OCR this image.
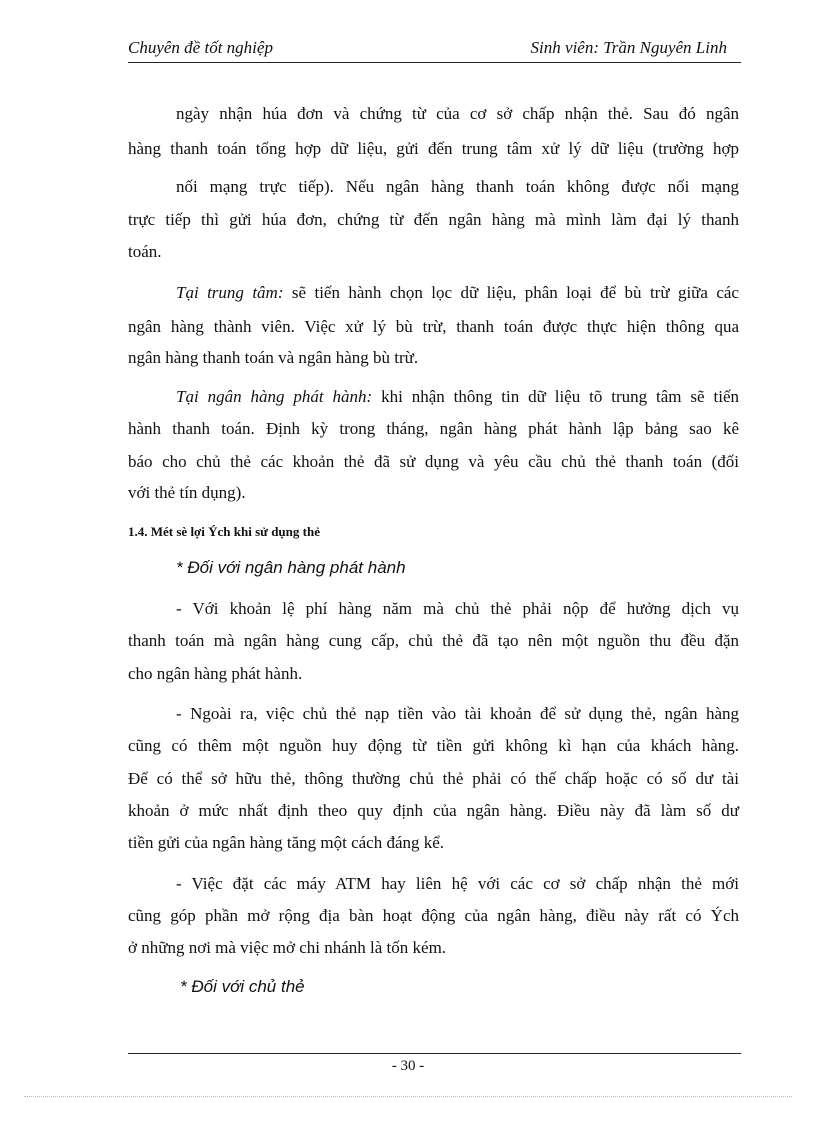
Chuyên đề tốt nghiệp	Sinh viên: Trần Nguyên Linh
ngày nhận húa đơn và chứng từ của cơ sở chấp nhận thẻ. Sau đó ngân
hàng thanh toán tổng hợp dữ liệu, gửi đến trung tâm xử lý dữ liệu (trường hợp
nối mạng trực tiếp). Nếu ngân hàng thanh toán không được nối mạng
trực tiếp thì gửi húa đơn, chứng từ đến ngân hàng mà mình làm đại lý thanh
toán.
Tại trung tâm: sẽ tiến hành chọn lọc dữ liệu, phân loại để bù trừ giữa các
ngân hàng thành viên. Việc xử lý bù trừ, thanh toán được thực hiện thông qua
ngân hàng thanh toán và ngân hàng bù trừ.
Tại ngân hàng phát hành: khi nhận thông tin dữ liệu tõ trung tâm sẽ tiến
hành thanh toán. Định kỳ trong tháng, ngân hàng phát hành lập bảng sao kê
báo cho chủ thẻ các khoản thẻ đã sử dụng và yêu cầu chủ thẻ thanh toán (đối
với thẻ tín dụng).
1.4. Mét sè lợi Ých khi sử dụng thẻ
* Đối với ngân hàng phát hành
- Với khoản lệ phí hàng năm mà chủ thẻ phải nộp để hưởng dịch vụ
thanh toán mà ngân hàng cung cấp, chủ thẻ đã tạo nên một nguồn thu đều đặn
cho ngân hàng phát hành.
- Ngoài ra, việc chủ thẻ nạp tiền vào tài khoản để sử dụng thẻ, ngân hàng
cũng có thêm một nguồn huy động từ tiền gửi không kì hạn của khách hàng.
Để có thể sở hữu thẻ, thông thường chủ thẻ phải có thế chấp hoặc có số dư tài
khoản ở mức nhất định theo quy định của ngân hàng. Điều này đã làm số dư
tiền gửi của ngân hàng tăng một cách đáng kể.
- Việc đặt các máy ATM hay liên hệ với các cơ sở chấp nhận thẻ mới
cũng góp phần mở rộng địa bàn hoạt động của ngân hàng, điều này rất có Ých
ở những nơi mà việc mở chi nhánh là tốn kém.
* Đối với chủ thẻ
- 30 -
